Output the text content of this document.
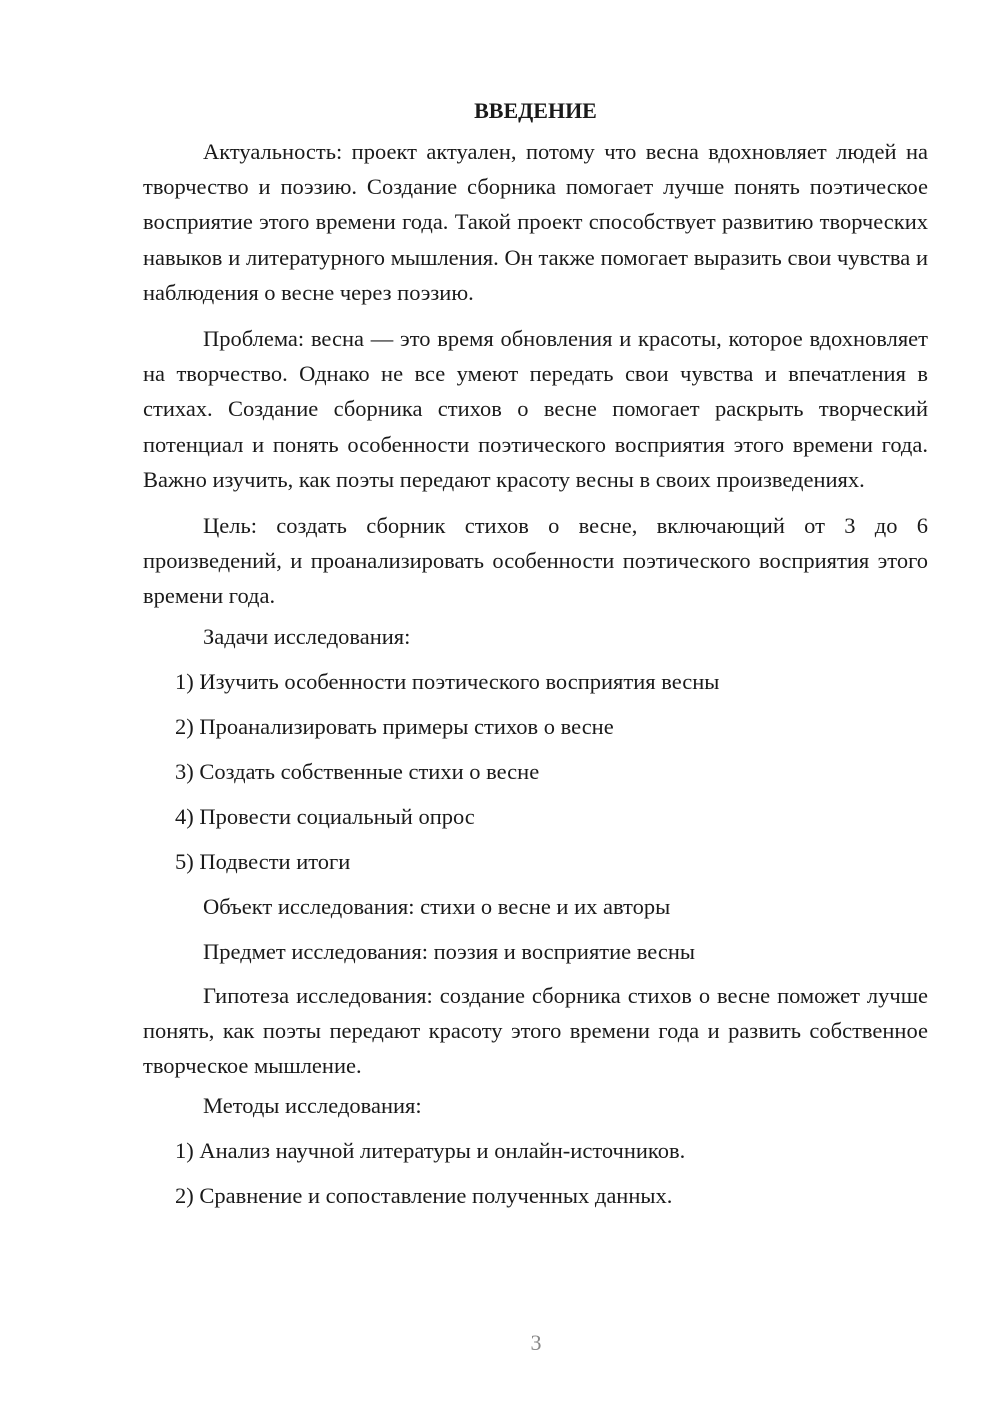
ВВЕДЕНИЕ

Актуальность: проект актуален, потому что весна вдохновляет людей на творчество и поэзию. Создание сборника помогает лучше понять поэтическое восприятие этого времени года. Такой проект способствует развитию творческих навыков и литературного мышления. Он также помогает выразить свои чувства и наблюдения о весне через поэзию.

Проблема: весна — это время обновления и красоты, которое вдохновляет на творчество. Однако не все умеют передать свои чувства и впечатления в стихах. Создание сборника стихов о весне помогает раскрыть творческий потенциал и понять особенности поэтического восприятия этого времени года. Важно изучить, как поэты передают красоту весны в своих произведениях.

Цель: создать сборник стихов о весне, включающий от 3 до 6 произведений, и проанализировать особенности поэтического восприятия этого времени года.

Задачи исследования:

1) Изучить особенности поэтического восприятия весны

2) Проанализировать примеры стихов о весне

3) Создать собственные стихи о весне

4) Провести социальный опрос

5) Подвести итоги

Объект исследования: стихи о весне и их авторы

Предмет исследования: поэзия и восприятие весны

Гипотеза исследования: создание сборника стихов о весне поможет лучше понять, как поэты передают красоту этого времени года и развить собственное творческое мышление.

Методы исследования:

1) Анализ научной литературы и онлайн-источников.

2) Сравнение и сопоставление полученных данных.

3
